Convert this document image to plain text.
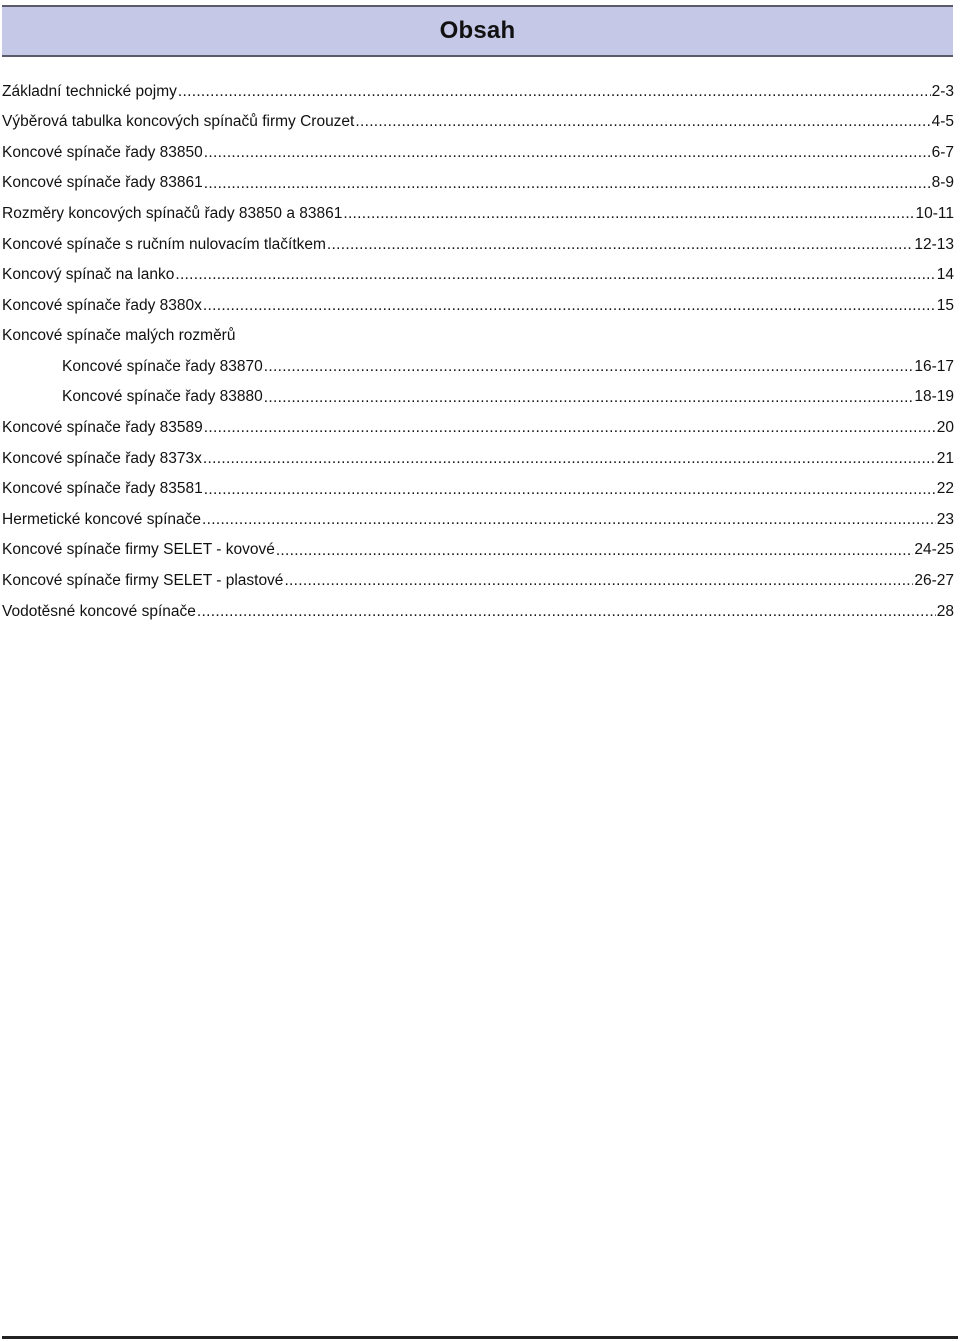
Obsah
Základní technické pojmy .....	2-3
Výběrová tabulka koncových spínačů firmy Crouzet .....	4-5
Koncové spínače řady 83850 .....	6-7
Koncové spínače řady 83861 .....	8-9
Rozměry koncových spínačů řady 83850 a 83861 .....	10-11
Koncové spínače s ručním nulovacím tlačítkem .....	12-13
Koncový spínač na lanko .....	14
Koncové spínače řady 8380x .....	15
Koncové spínače malých rozměrů
Koncové spínače řady 83870 .....	16-17
Koncové spínače řady 83880 .....	18-19
Koncové spínače řady 83589 .....	20
Koncové spínače řady 8373x .....	21
Koncové spínače řady 83581 .....	22
Hermetické koncové spínače .....	23
Koncové spínače firmy SELET - kovové .....	24-25
Koncové spínače firmy SELET - plastové .....	26-27
Vodotěsné koncové spínače .....	28
